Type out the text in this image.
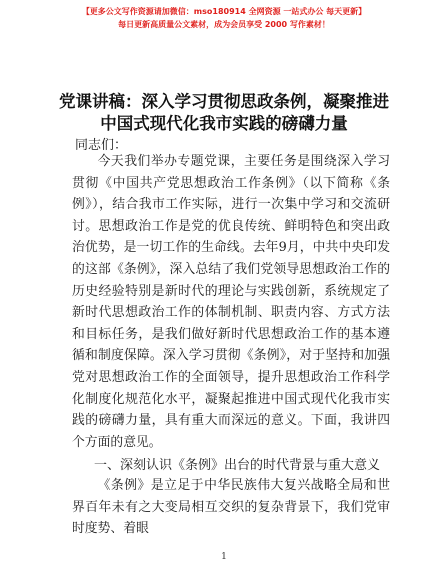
【更多公文写作资源请加微信：mso180914 全网资源 一站式办公 每天更新】
每日更新高质量公文素材，成为会员享受 2000 写作素材！
党课讲稿：深入学习贯彻思政条例，凝聚推进
中国式现代化我市实践的磅礴力量
同志们：

今天我们举办专题党课，主要任务是围绕深入学习贯彻《中国共产党思想政治工作条例》（以下简称《条例》），结合我市工作实际，进行一次集中学习和交流研讨。思想政治工作是党的优良传统、鲜明特色和突出政治优势，是一切工作的生命线。去年9月，中共中央印发的这部《条例》，深入总结了我们党领导思想政治工作的历史经验特别是新时代的理论与实践创新，系统规定了新时代思想政治工作的体制机制、职责内容、方式方法和目标任务，是我们做好新时代思想政治工作的基本遵循和制度保障。深入学习贯彻《条例》，对于坚持和加强党对思想政治工作的全面领导，提升思想政治工作科学化制度化规范化水平，凝聚起推进中国式现代化我市实践的磅礴力量，具有重大而深远的意义。下面，我讲四个方面的意见。

一、深刻认识《条例》出台的时代背景与重大意义

《条例》是立足于中华民族伟大复兴战略全局和世界百年未有之大变局相互交织的复杂背景下，我们党审时度势、着眼

1
